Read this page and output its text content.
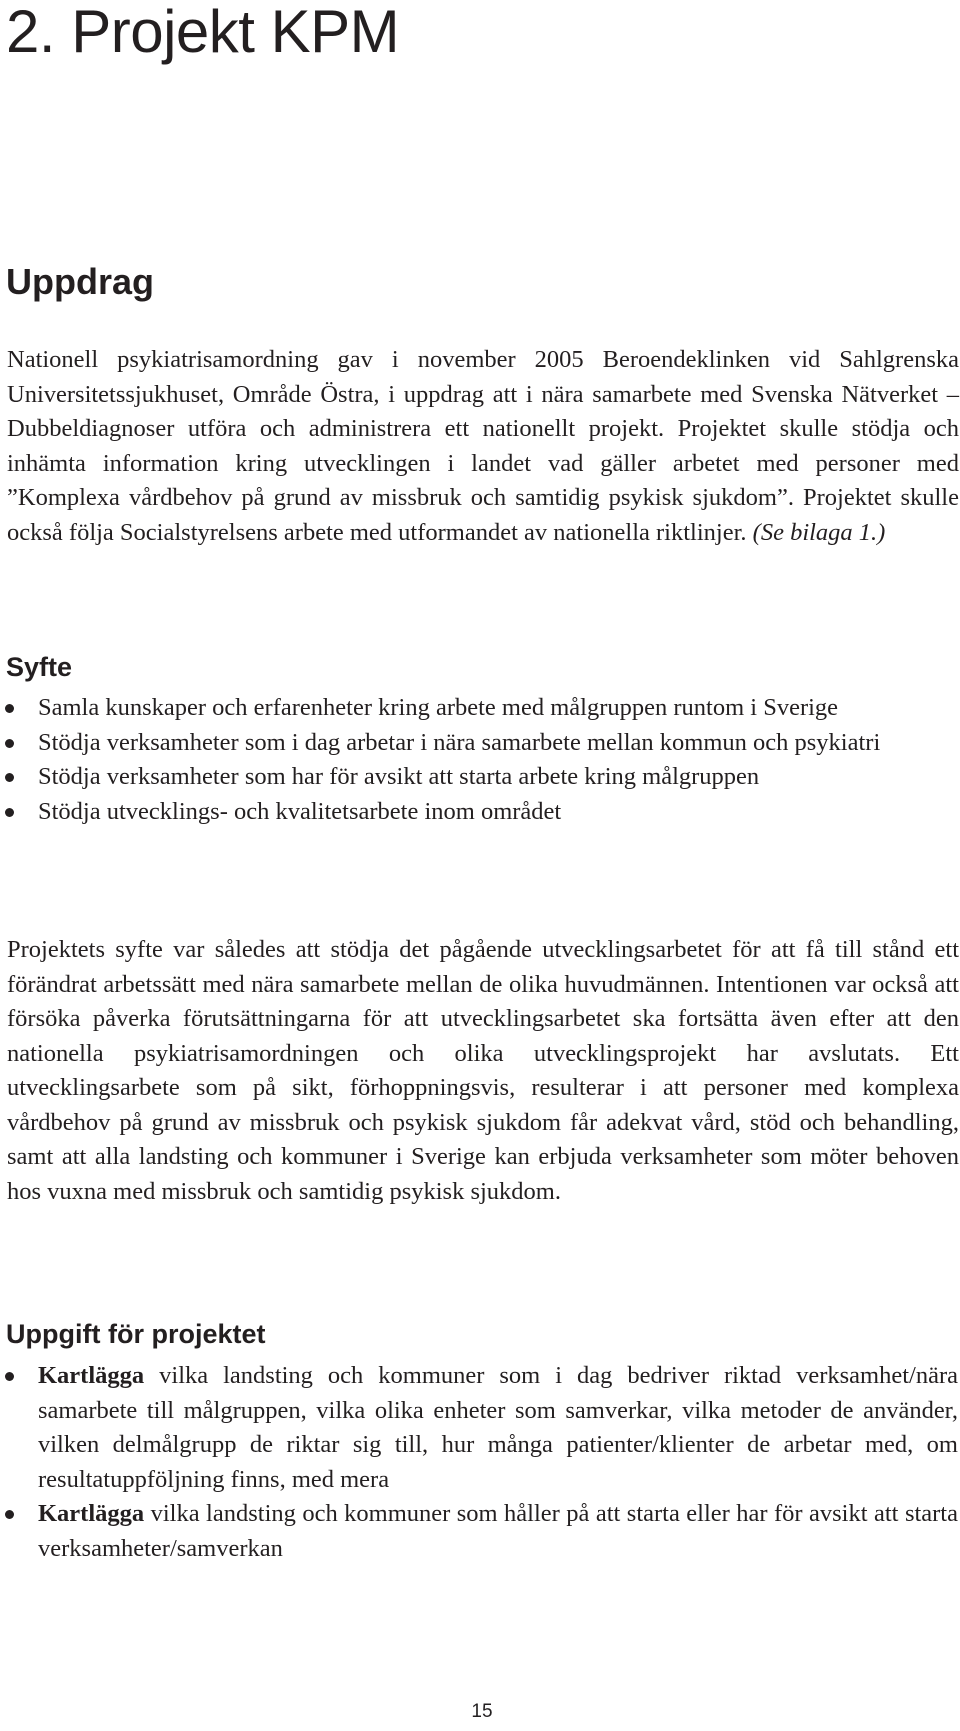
2. Projekt KPM
Uppdrag

Nationell psykiatrisamordning gav i november 2005 Beroendeklinken vid Sahlgrenska Universitetssjukhuset, Område Östra, i uppdrag att i nära samarbete med Svenska Nätverket – Dubbeldiagnoser utföra och administrera ett nationellt projekt. Projektet skulle stödja och inhämta information kring utvecklingen i landet vad gäller arbetet med personer med ”Komplexa vårdbehov på grund av missbruk och samtidig psykisk sjukdom”. Projektet skulle också följa Socialstyrelsens arbete med utformandet av nationella riktlinjer. (Se bilaga 1.)

Syfte
Samla kunskaper och erfarenheter kring arbete med målgruppen runtom i Sverige
Stödja verksamheter som i dag arbetar i nära samarbete mellan kommun och psykiatri
Stödja verksamheter som har för avsikt att starta arbete kring målgruppen
Stödja utvecklings- och kvalitetsarbete inom området

Projektets syfte var således att stödja det pågående utvecklingsarbetet för att få till stånd ett förändrat arbetssätt med nära samarbete mellan de olika huvudmännen. Intentionen var också att försöka påverka förutsättningarna för att utvecklingsarbetet ska fortsätta även efter att den nationella psykiatrisamordningen och olika utvecklingsprojekt har avslutats. Ett utvecklingsarbete som på sikt, förhoppningsvis, resulterar i att personer med komplexa vårdbehov på grund av missbruk och psykisk sjukdom får adekvat vård, stöd och behandling, samt att alla landsting och kommuner i Sverige kan erbjuda verksamheter som möter behoven hos vuxna med missbruk och samtidig psykisk sjukdom.

Uppgift för projektet
Kartlägga vilka landsting och kommuner som i dag bedriver riktad verksamhet/nära samarbete till målgruppen, vilka olika enheter som samverkar, vilka metoder de använder, vilken delmålgrupp de riktar sig till, hur många patienter/klienter de arbetar med, om resultatuppföljning finns, med mera
Kartlägga vilka landsting och kommuner som håller på att starta eller har för avsikt att starta verksamheter/samverkan
15
